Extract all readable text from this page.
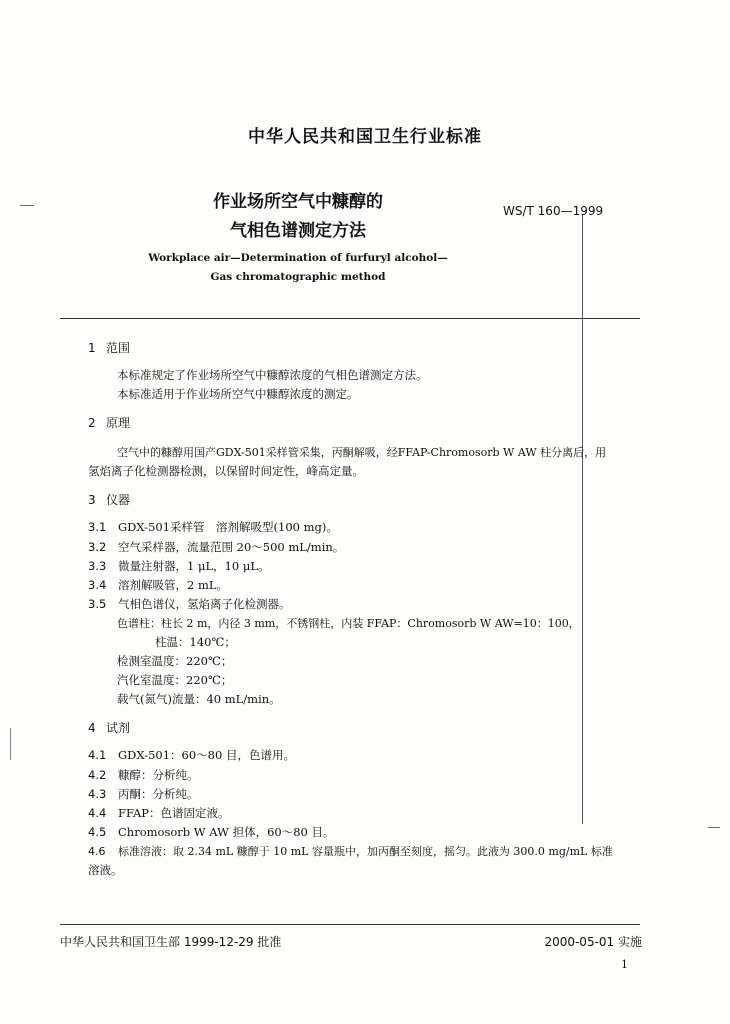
中华人民共和国卫生行业标准
作业场所空气中糠醇的
气相色谱测定方法
WS/T 160—1999
Workplace air—Determination of furfuryl alcohol—
Gas chromatographic method
1 范围
本标准规定了作业场所空气中糠醇浓度的气相色谱测定方法。
本标准适用于作业场所空气中糠醇浓度的测定。
2 原理
空气中的糠醇用国产GDX-501采样管采集，丙酮解吸，经FFAP-Chromosorb W AW 柱分离后，用
氢焰离子化检测器检测，以保留时间定性，峰高定量。
3 仪器
3.1 GDX-501采样管　溶剂解吸型(100 mg)。
3.2 空气采样器，流量范围 20～500 mL/min。
3.3 微量注射器，1 μL，10 μL。
3.4 溶剂解吸管，2 mL。
3.5 气相色谱仪，氢焰离子化检测器。
色谱柱：柱长 2 m，内径 3 mm，不锈钢柱，内装 FFAP：Chromosorb W AW=10：100，
柱温：140℃；
检测室温度：220℃；
汽化室温度：220℃；
载气(氮气)流量：40 mL/min。
4 试剂
4.1 GDX-501：60～80 目，色谱用。
4.2 糠醇：分析纯。
4.3 丙酮：分析纯。
4.4 FFAP：色谱固定液。
4.5 Chromosorb W AW 担体，60～80 目。
4.6 标准溶液：取 2.34 mL 糠醇于 10 mL 容量瓶中，加丙酮至刻度，摇匀。此液为 300.0 mg/mL 标准
溶液。
中华人民共和国卫生部 1999-12-29 批准	2000-05-01 实施
1
